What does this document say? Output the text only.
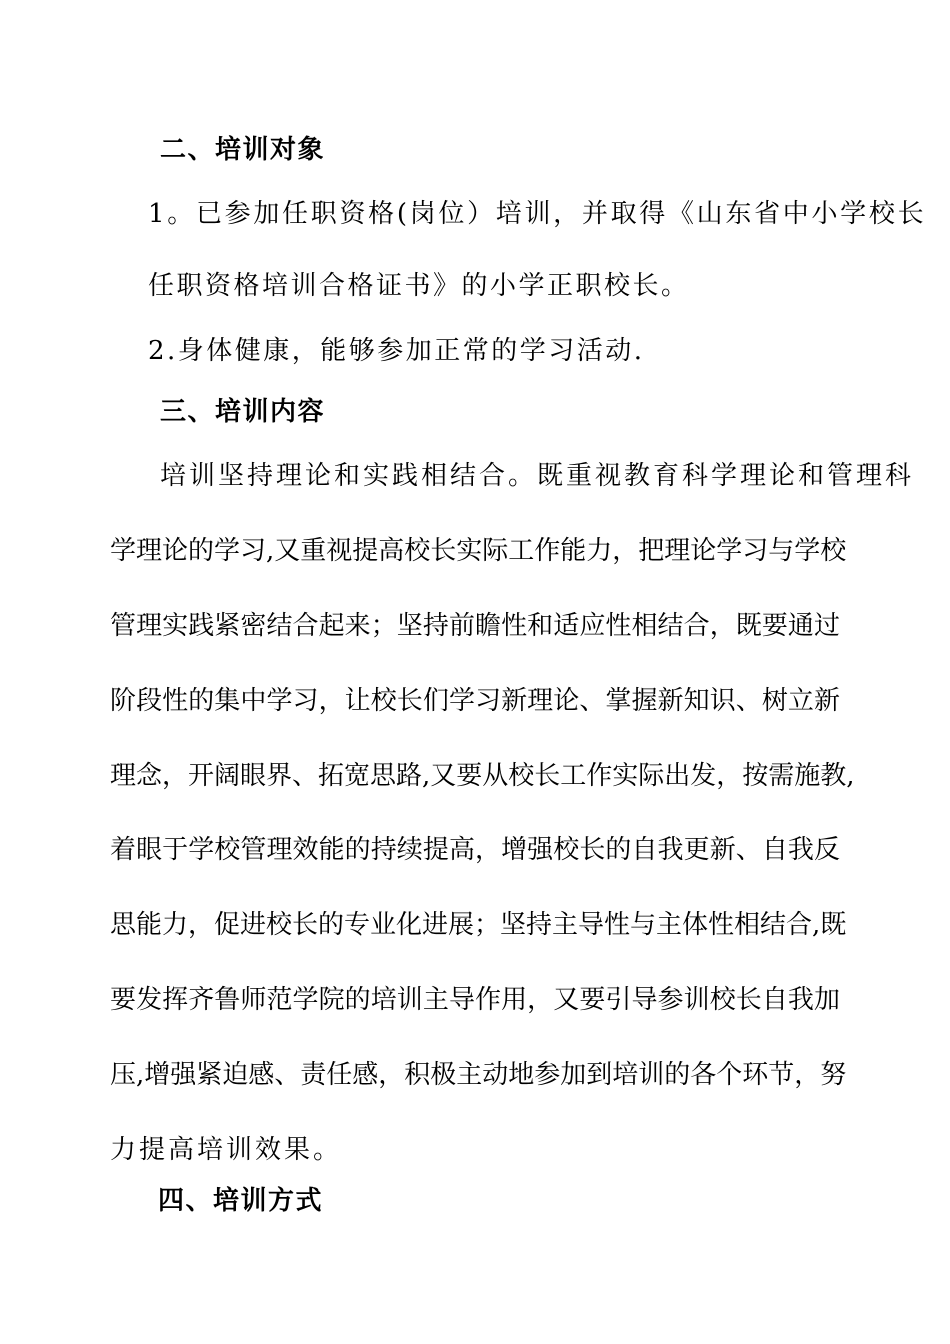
二、培训对象
1。已参加任职资格(岗位）培训，并取得《山东省中小学校长
任职资格培训合格证书》的小学正职校长。
2.身体健康，能够参加正常的学习活动.
三、培训内容
培训坚持理论和实践相结合。既重视教育科学理论和管理科
学理论的学习,又重视提高校长实际工作能力，把理论学习与学校
管理实践紧密结合起来；坚持前瞻性和适应性相结合，既要通过
阶段性的集中学习，让校长们学习新理论、掌握新知识、树立新
理念，开阔眼界、拓宽思路,又要从校长工作实际出发，按需施教,
着眼于学校管理效能的持续提高，增强校长的自我更新、自我反
思能力，促进校长的专业化进展；坚持主导性与主体性相结合,既
要发挥齐鲁师范学院的培训主导作用，又要引导参训校长自我加
压,增强紧迫感、责任感，积极主动地参加到培训的各个环节，努
力提高培训效果。
四、培训方式
